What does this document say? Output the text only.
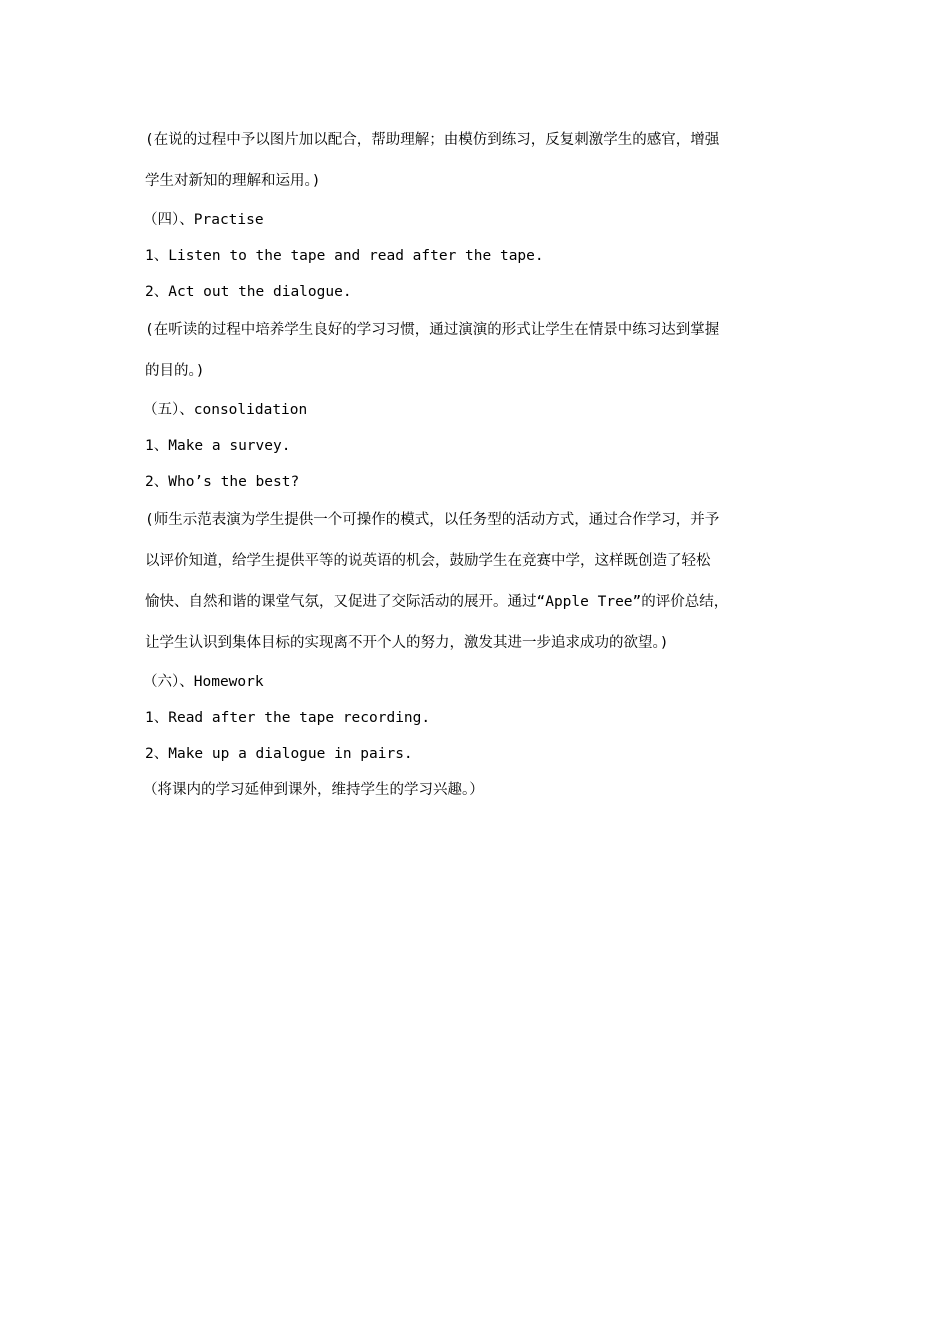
(在说的过程中予以图片加以配合，帮助理解；由模仿到练习，反复刺激学生的感官，增强
学生对新知的理解和运用。)
（四）、Practise
1、Listen to the tape and read after the tape.
2、Act out the dialogue.
(在听读的过程中培养学生良好的学习习惯，通过演演的形式让学生在情景中练习达到掌握
的目的。)
（五）、consolidation
1、Make a survey.
2、Who’s the best?
(师生示范表演为学生提供一个可操作的模式，以任务型的活动方式，通过合作学习，并予
以评价知道，给学生提供平等的说英语的机会，鼓励学生在竞赛中学，这样既创造了轻松
愉快、自然和谐的课堂气氛，又促进了交际活动的展开。通过“Apple Tree”的评价总结，
让学生认识到集体目标的实现离不开个人的努力，激发其进一步追求成功的欲望。)
（六）、Homework
1、Read after the tape recording.
2、Make up a dialogue in pairs.
（将课内的学习延伸到课外，维持学生的学习兴趣。）
